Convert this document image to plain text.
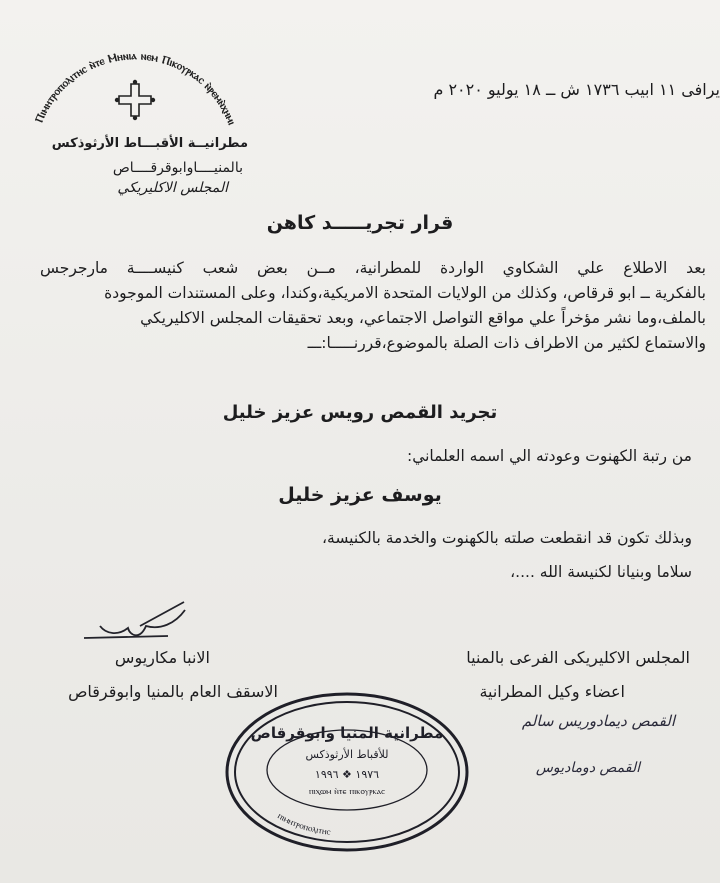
Ⲡⲓⲙⲏⲧⲣⲟⲡⲟⲗⲓⲧⲏⲥ ⲛ̀ⲧⲉ Ⲙⲏⲛⲓⲁ ⲛⲉⲙ Ⲡⲓⲕⲟⲩⲣⲕⲁⲥ ⲛ̀ⲣⲉⲙⲛ̀ⲭⲏⲙⲓ
مطرانيــة الأقبـــاط الأرثوذكس
بالمنيــــاوابوقرقــــاص
المجلس الاكليريكي
يرافى ١١ ابيب ١٧٣٦ ش ــ ١٨ يوليو ٢٠٢٠ م
قرار تجريـــــد كاهن
بعد الاطلاع علي الشكاوي الواردة للمطرانية، مــن بعض شعب كنيســــة مارجرجس
بالفكرية ــ ابو قرقاص، وكذلك من الولايات المتحدة الامريكية،وكندا، وعلى المستندات الموجودة
بالملف،وما نشر مؤخراً علي مواقع التواصل الاجتماعي، وبعد تحقيقات المجلس الاكليريكي
والاستماع لكثير من الاطراف ذات الصلة بالموضوع،قررنـــــا:ـــ
تجريد القمص رويس عزيز خليل
من رتبة الكهنوت وعودته الي اسمه العلماني:
يوسف عزيز خليل
وبذلك تكون قد انقطعت صلته بالكهنوت والخدمة بالكنيسة،
سلاما وبنيانا لكنيسة الله ....،
الانبا مكاريوس
الاسقف العام بالمنيا وابوقرقاص
المجلس الاكليريكى الفرعى بالمنيا
اعضاء وكيل المطرانية
القمص ديمادوريس سالم
القمص دوماديوس
مطرانية المنيا وابوقرقاص
للأقباط الأرثوذكس
١٩٧٦ ❖ ١٩٩٦
ⲡⲓⲭⲱⲙ ⲛ̀ⲧⲉ ⲡⲓⲕⲟⲩⲣⲕⲁⲥ
ⲡⲓⲙⲏⲧⲣⲟⲡⲟⲗⲓⲧⲏⲥ
